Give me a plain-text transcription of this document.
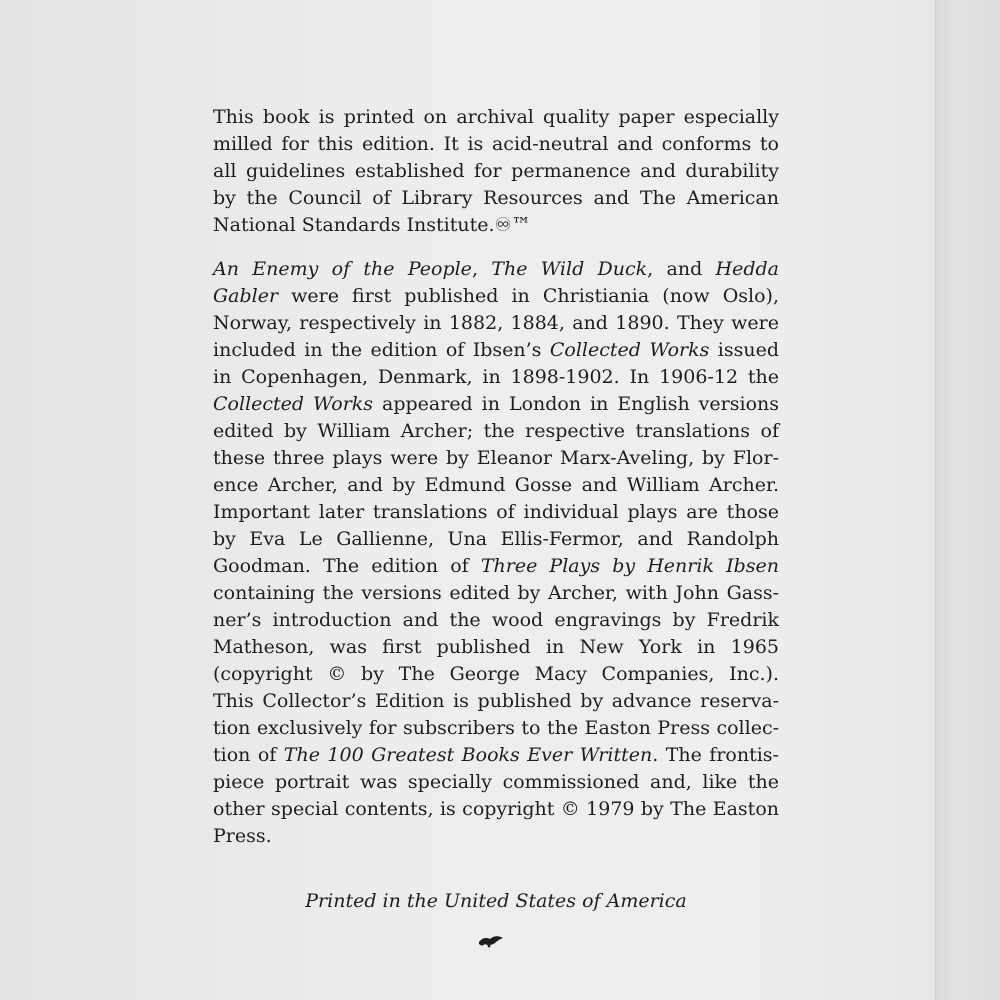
This book is printed on archival quality paper especially
milled for this edition. It is acid-neutral and conforms to
all guidelines established for permanence and durability
by the Council of Library Resources and The American
National Standards Institute.♾™

An Enemy of the People, The Wild Duck, and Hedda
Gabler were first published in Christiania (now Oslo),
Norway, respectively in 1882, 1884, and 1890. They were
included in the edition of Ibsen’s Collected Works issued
in Copenhagen, Denmark, in 1898-1902. In 1906-12 the
Collected Works appeared in London in English versions
edited by William Archer; the respective translations of
these three plays were by Eleanor Marx-Aveling, by Flor-
ence Archer, and by Edmund Gosse and William Archer.
Important later translations of individual plays are those
by Eva Le Gallienne, Una Ellis-Fermor, and Randolph
Goodman. The edition of Three Plays by Henrik Ibsen
containing the versions edited by Archer, with John Gass-
ner’s introduction and the wood engravings by Fredrik
Matheson, was first published in New York in 1965
(copyright © by The George Macy Companies, Inc.).
This Collector’s Edition is published by advance reserva-
tion exclusively for subscribers to the Easton Press collec-
tion of The 100 Greatest Books Ever Written. The frontis-
piece portrait was specially commissioned and, like the
other special contents, is copyright © 1979 by The Easton
Press.

Printed in the United States of America
